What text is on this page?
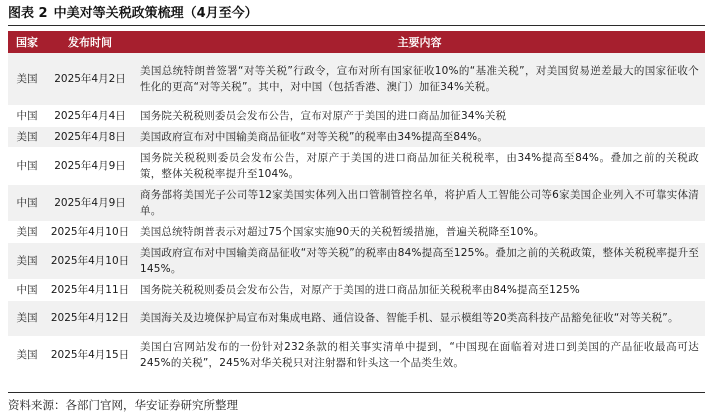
图表 2 中美对等关税政策梳理（4月至今）
国家	发布时间	主要内容
美国	2025年4月2日	美国总统特朗普签署“对等关税”行政令，宣布对所有国家征收10%的“基准关税”，对美国贸易逆差最大的国家征收个性化的更高“对等关税”。其中，对中国（包括香港、澳门）加征34%关税。
中国	2025年4月4日	国务院关税税则委员会发布公告，宣布对原产于美国的进口商品加征34%关税
美国	2025年4月8日	美国政府宣布对中国输美商品征收“对等关税”的税率由34%提高至84%。
中国	2025年4月9日	国务院关税税则委员会发布公告，对原产于美国的进口商品加征关税税率，由34%提高至84%。叠加之前的关税政策，整体关税税率提升至104%。
中国	2025年4月9日	商务部将美国光子公司等12家美国实体列入出口管制管控名单，将护盾人工智能公司等6家美国企业列入不可靠实体清单。
美国	2025年4月10日	美国总统特朗普表示对超过75个国家实施90天的关税暂缓措施，普遍关税降至10%。
美国	2025年4月10日	美国政府宣布对中国输美商品征收“对等关税”的税率由84%提高至125%。叠加之前的关税政策，整体关税税率提升至145%。
中国	2025年4月11日	国务院关税税则委员会发布公告，对原产于美国的进口商品加征关税税率由84%提高至125%
美国	2025年4月12日	美国海关及边境保护局宣布对集成电路、通信设备、智能手机、显示模组等20类高科技产品豁免征收“对等关税”。
美国	2025年4月15日	美国白宫网站发布的一份针对232条款的相关事实清单中提到，“中国现在面临着对进口到美国的产品征收最高可达245%的关税”，245%对华关税只对注射器和针头这一个品类生效。
资料来源：各部门官网，华安证券研究所整理
